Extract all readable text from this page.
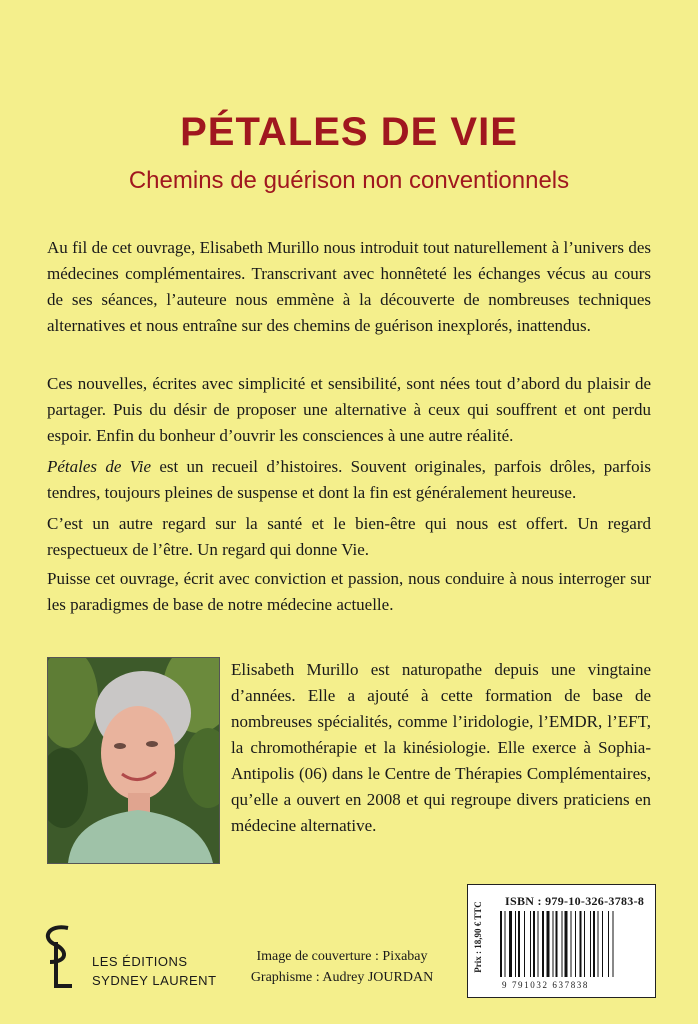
PÉTALES DE VIE
Chemins de guérison non conventionnels

Au fil de cet ouvrage, Elisabeth Murillo nous introduit tout naturellement à l’univers des médecines complémentaires. Transcrivant avec honnêteté les échanges vécus au cours de ses séances, l’auteure nous emmène à la découverte de nombreuses techniques alternatives et nous entraîne sur des chemins de guérison inexplorés, inattendus.

Ces nouvelles, écrites avec simplicité et sensibilité, sont nées tout d’abord du plaisir de partager. Puis du désir de proposer une alternative à ceux qui souffrent et ont perdu espoir. Enfin du bonheur d’ouvrir les consciences à une autre réalité.

Pétales de Vie est un recueil d’histoires. Souvent originales, parfois drôles, parfois tendres, toujours pleines de suspense et dont la fin est généralement heureuse.

C’est un autre regard sur la santé et le bien-être qui nous est offert. Un regard respectueux de l’être. Un regard qui donne Vie.

Puisse cet ouvrage, écrit avec conviction et passion, nous conduire à nous interroger sur les paradigmes de base de notre médecine actuelle.

Elisabeth Murillo est naturopathe depuis une vingtaine d’années. Elle a ajouté à cette formation de base de nombreuses spécialités, comme l’iridologie, l’EMDR, l’EFT, la chromothérapie et la kinésiologie. Elle exerce à Sophia-Antipolis (06) dans le Centre de Thérapies Complémentaires, qu’elle a ouvert en 2008 et qui regroupe divers praticiens en médecine alternative.

LES ÉDITIONS
SYDNEY LAURENT
Image de couverture : Pixabay
Graphisme : Audrey JOURDAN
Prix : 18,90 € TTC
ISBN : 979-10-326-3783-8
9 791032 637838
